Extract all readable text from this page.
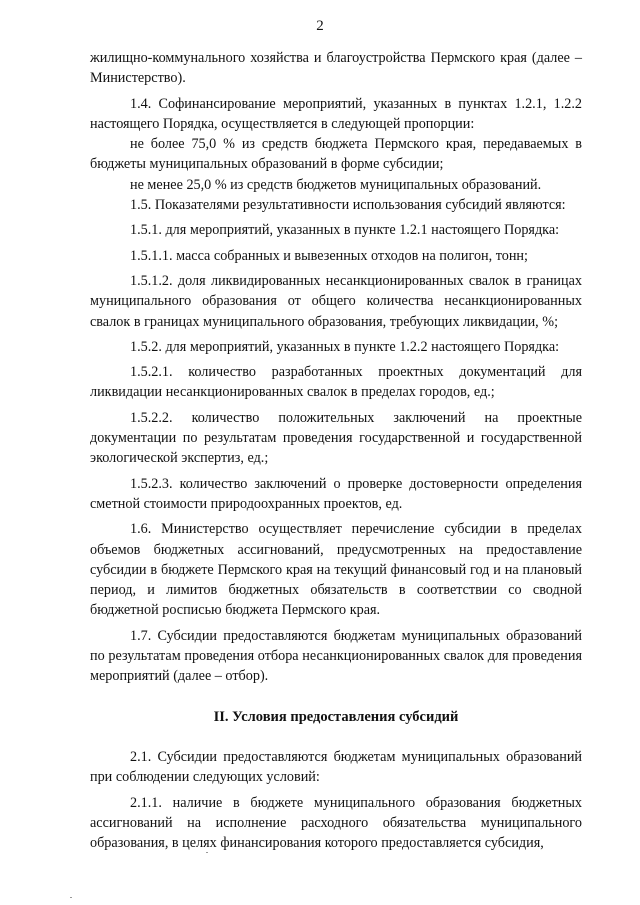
2

жилищно-коммунального хозяйства и благоустройства Пермского края (далее – Министерство).

1.4. Софинансирование мероприятий, указанных в пунктах 1.2.1, 1.2.2 настоящего Порядка, осуществляется в следующей пропорции:

не более 75,0 % из средств бюджета Пермского края, передаваемых в бюджеты муниципальных образований в форме субсидии;

не менее 25,0 % из средств бюджетов муниципальных образований.

1.5. Показателями результативности использования субсидий являются:

1.5.1. для мероприятий, указанных в пункте 1.2.1 настоящего Порядка:

1.5.1.1. масса собранных и вывезенных отходов на полигон, тонн;

1.5.1.2. доля ликвидированных несанкционированных свалок в границах муниципального образования от общего количества несанкционированных свалок в границах муниципального образования, требующих ликвидации, %;

1.5.2. для мероприятий, указанных в пункте 1.2.2 настоящего Порядка:

1.5.2.1. количество разработанных проектных документаций для ликвидации несанкционированных свалок в пределах городов, ед.;

1.5.2.2. количество положительных заключений на проектные документации по результатам проведения государственной и государственной экологической экспертиз, ед.;

1.5.2.3. количество заключений о проверке достоверности определения сметной стоимости природоохранных проектов, ед.

1.6. Министерство осуществляет перечисление субсидии в пределах объемов бюджетных ассигнований, предусмотренных на предоставление субсидии в бюджете Пермского края на текущий финансовый год и на плановый период, и лимитов бюджетных обязательств в соответствии со сводной бюджетной росписью бюджета Пермского края.

1.7. Субсидии предоставляются бюджетам муниципальных образований по результатам проведения отбора несанкционированных свалок для проведения мероприятий (далее – отбор).

II. Условия предоставления субсидий

2.1. Субсидии предоставляются бюджетам муниципальных образований при соблюдении следующих условий:

2.1.1. наличие в бюджете муниципального образования бюджетных ассигнований на исполнение расходного обязательства муниципального образования, в целях финансирования которого предоставляется субсидия,
